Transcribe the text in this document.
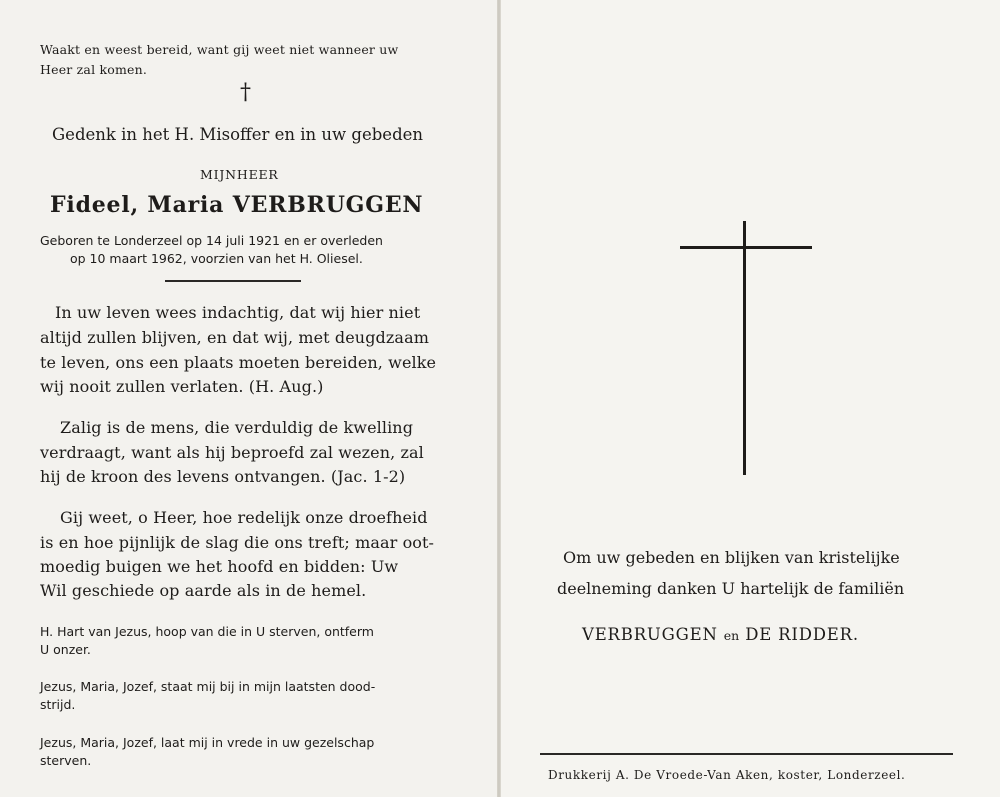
Waakt en weest bereid, want gij weet niet wanneer uw
Heer zal komen.
†
Gedenk in het H. Misoffer en in uw gebeden
MIJNHEER
Fideel, Maria VERBRUGGEN
Geboren te Londerzeel op 14 juli 1921 en er overleden
op 10 maart 1962, voorzien van het H. Oliesel.
In uw leven wees indachtig, dat wij hier niet
altijd zullen blijven, en dat wij, met deugdzaam
te leven, ons een plaats moeten bereiden, welke
wij nooit zullen verlaten. (H. Aug.)
Zalig is de mens, die verduldig de kwelling
verdraagt, want als hij beproefd zal wezen, zal
hij de kroon des levens ontvangen. (Jac. 1-2)
Gij weet, o Heer, hoe redelijk onze droefheid
is en hoe pijnlijk de slag die ons treft; maar oot-
moedig buigen we het hoofd en bidden: Uw
Wil geschiede op aarde als in de hemel.
H. Hart van Jezus, hoop van die in U sterven, ontferm
U onzer.
Jezus, Maria, Jozef, staat mij bij in mijn laatsten dood-
strijd.
Jezus, Maria, Jozef, laat mij in vrede in uw gezelschap
sterven.
Om uw gebeden en blijken van kristelijke
deelneming danken U hartelijk de familiën
VERBRUGGEN en DE RIDDER.
Drukkerij A. De Vroede-Van Aken, koster, Londerzeel.
